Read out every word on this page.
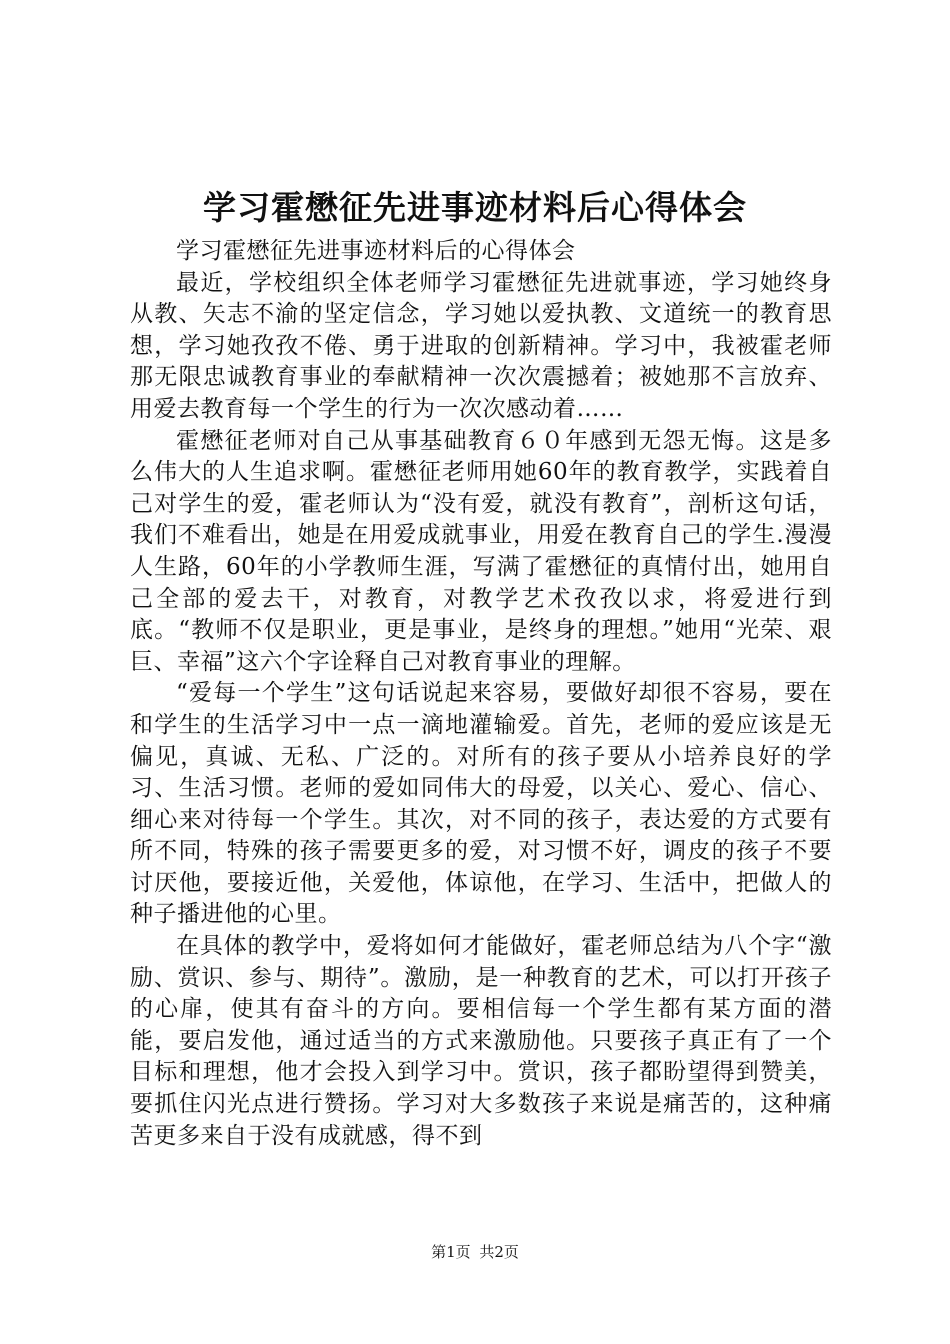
学习霍懋征先进事迹材料后心得体会

学习霍懋征先进事迹材料后的心得体会

最近，学校组织全体老师学习霍懋征先进就事迹，学习她终身从教、矢志不渝的坚定信念，学习她以爱执教、文道统一的教育思想，学习她孜孜不倦、勇于进取的创新精神。学习中，我被霍老师那无限忠诚教育事业的奉献精神一次次震撼着；被她那不言放弃、用爱去教育每一个学生的行为一次次感动着……

霍懋征老师对自己从事基础教育６０年感到无怨无悔。这是多么伟大的人生追求啊。霍懋征老师用她60年的教育教学，实践着自己对学生的爱，霍老师认为“没有爱，就没有教育”，剖析这句话，我们不难看出，她是在用爱成就事业，用爱在教育自己的学生.漫漫人生路，60年的小学教师生涯，写满了霍懋征的真情付出，她用自己全部的爱去干，对教育，对教学艺术孜孜以求，将爱进行到底。“教师不仅是职业，更是事业，是终身的理想。”她用“光荣、艰巨、幸福”这六个字诠释自己对教育事业的理解。

“爱每一个学生”这句话说起来容易，要做好却很不容易，要在和学生的生活学习中一点一滴地灌输爱。首先，老师的爱应该是无偏见，真诚、无私、广泛的。对所有的孩子要从小培养良好的学习、生活习惯。老师的爱如同伟大的母爱，以关心、爱心、信心、细心来对待每一个学生。其次，对不同的孩子，表达爱的方式要有所不同，特殊的孩子需要更多的爱，对习惯不好，调皮的孩子不要讨厌他，要接近他，关爱他，体谅他，在学习、生活中，把做人的种子播进他的心里。

在具体的教学中，爱将如何才能做好，霍老师总结为八个字“激励、赏识、参与、期待”。激励，是一种教育的艺术，可以打开孩子的心扉，使其有奋斗的方向。要相信每一个学生都有某方面的潜能，要启发他，通过适当的方式来激励他。只要孩子真正有了一个目标和理想，他才会投入到学习中。赏识，孩子都盼望得到赞美，要抓住闪光点进行赞扬。学习对大多数孩子来说是痛苦的，这种痛苦更多来自于没有成就感，得不到

第1页 共2页
